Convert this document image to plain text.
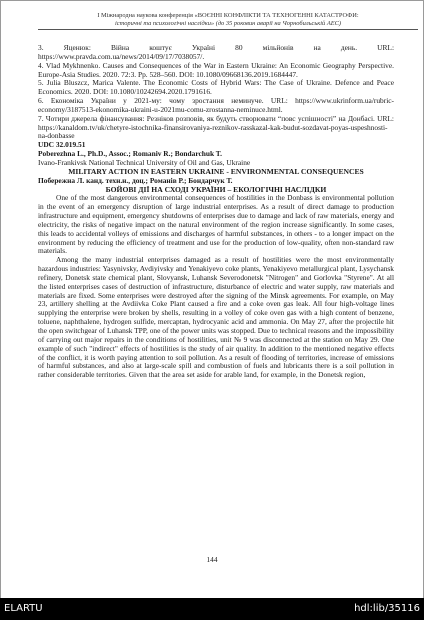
І Міжнародна наукова конференція «ВОЄННІ КОНФЛІКТИ ТА ТЕХНОГЕННІ КАТАСТРОФИ:
історичні та психологічні наслідки» (до 35 роковин аварії на Чорнобильській АЕС)

3. Яценюк: Війна коштує Україні 80 мільйонів на день. URL: https://www.pravda.com.ua/news/2014/09/17/7038057/.

4. Vlad Mykhnenko. Causes and Consequences of the War in Eastern Ukraine: An Economic Geography Perspective. Europe-Asia Studies. 2020. 72:3. Pp. 528–560. DOI: 10.1080/09668136.2019.1684447.

5. Julia Bluszcz, Marica Valente. The Economic Costs of Hybrid Wars: The Case of Ukraine. Defence and Peace Economics. 2020. DOI: 10.1080/10242694.2020.1791616.

6. Економіка України у 2021-му: чому зростання неминуче. URL: https://www.ukrinform.ua/rubric-economy/3187513-ekonomika-ukraini-u-2021mu-comu-zrostanna-neminuce.html.

7. Чотири джерела фінансування: Резніков розповів, як будуть створювати “повс успішності” на Донбасі. URL: https://kanaldom.tv/uk/chetyre-istochnika-finansirovaniya-reznikov-rasskazal-kak-budut-sozdavat-poyas-uspeshnosti-na-donbasse

UDC 32.019.51

Poberezhna L., Ph.D., Assoc.; Romaniv R.; Bondarchuk T.

Ivano-Frankivsk National Technical University of Oil and Gas, Ukraine

MILITARY ACTION IN EASTERN UKRAINE - ENVIRONMENTAL CONSEQUENCES

Побережна Л. канд. техн.н., доц.; Романів Р.; Бондарчук Т.

БОЙОВІ ДІЇ НА СХОДІ УКРАЇНИ – ЕКОЛОГІЧНІ НАСЛІДКИ

One of the most dangerous environmental consequences of hostilities in the Donbass is environmental pollution in the event of an emergency disruption of large industrial enterprises. As a result of direct damage to production infrastructure and equipment, emergency shutdowns of enterprises due to damage and lack of raw materials, energy and electricity, the risks of negative impact on the natural environment of the region increase significantly. In some cases, this leads to accidental volleys of emissions and discharges of harmful substances, in others - to a longer impact on the environment by reducing the efficiency of treatment and use for the production of low-quality, often non-standard raw materials.

Among the many industrial enterprises damaged as a result of hostilities were the most environmentally hazardous industries: Yasynivsky, Avdiyivsky and Yenakiyevo coke plants, Yenakiyevo metallurgical plant, Lysychansk refinery, Donetsk state chemical plant, Slovyansk, Luhansk Severodonetsk "Nitrogen" and Gorlovka "Styrene". At all the listed enterprises cases of destruction of infrastructure, disturbance of electric and water supply, raw materials and materials are fixed. Some enterprises were destroyed after the signing of the Minsk agreements. For example, on May 23, artillery shelling at the Avdiivka Coke Plant caused a fire and a coke oven gas leak. All four high-voltage lines supplying the enterprise were broken by shells, resulting in a volley of coke oven gas with a high content of benzene, toluene, naphthalene, hydrogen sulfide, mercaptan, hydrocyanic acid and ammonia. On May 27, after the projectile hit the open switchgear of Luhansk TPP, one of the power units was stopped. Due to technical reasons and the impossibility of carrying out major repairs in the conditions of hostilities, unit № 9 was disconnected at the station on May 29. One example of such "indirect" effects of hostilities is the study of air quality. In addition to the mentioned negative effects of the conflict, it is worth paying attention to soil pollution. As a result of flooding of territories, increase of emissions of harmful substances, and also at large-scale spill and combustion of fuels and lubricants there is a soil pollution in rather considerable territories. Given that the area set aside for arable land, for example, in the Donetsk region,

144
ELARTU	hdl:lib/35116
